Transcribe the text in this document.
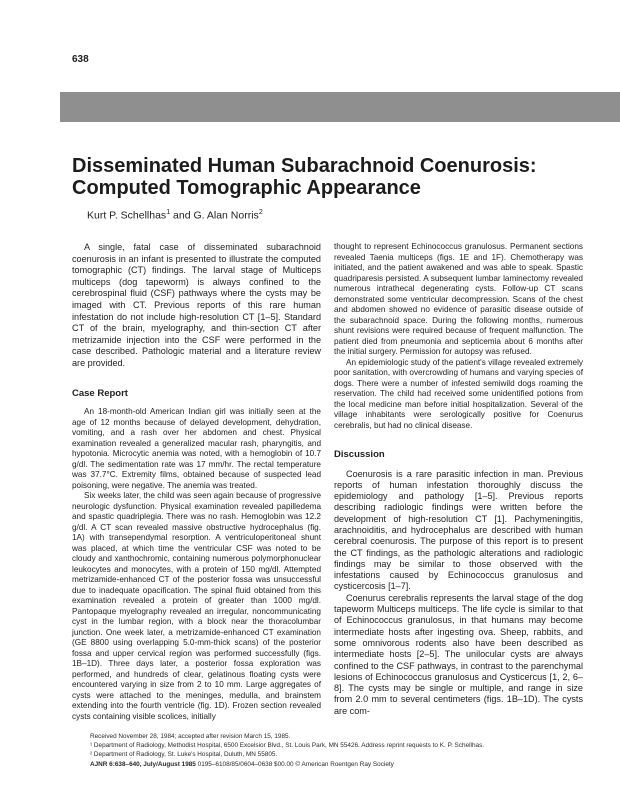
638
Disseminated Human Subarachnoid Coenurosis: Computed Tomographic Appearance
Kurt P. Schellhas$^1$ and G. Alan Norris$^2$

A single, fatal case of disseminated subarachnoid coenurosis in an infant is presented to illustrate the computed tomographic (CT) findings. The larval stage of Multiceps multiceps (dog tapeworm) is always confined to the cerebrospinal fluid (CSF) pathways where the cysts may be imaged with CT. Previous reports of this rare human infestation do not include high-resolution CT [1–5]. Standard CT of the brain, myelography, and thin-section CT after metrizamide injection into the CSF were performed in the case described. Pathologic material and a literature review are provided.

Case Report

An 18-month-old American Indian girl was initially seen at the age of 12 months because of delayed development, dehydration, vomiting, and a rash over her abdomen and chest. Physical examination revealed a generalized macular rash, pharyngitis, and hypotonia. Microcytic anemia was noted, with a hemoglobin of 10.7 g/dl. The sedimentation rate was 17 mm/hr. The rectal temperature was 37.7°C. Extremity films, obtained because of suspected lead poisoning, were negative. The anemia was treated.

Six weeks later, the child was seen again because of progressive neurologic dysfunction. Physical examination revealed papilledema and spastic quadriplegia. There was no rash. Hemoglobin was 12.2 g/dl. A CT scan revealed massive obstructive hydrocephalus (fig. 1A) with transependymal resorption. A ventriculoperitoneal shunt was placed, at which time the ventricular CSF was noted to be cloudy and xanthochromic, containing numerous polymorphonuclear leukocytes and monocytes, with a protein of 150 mg/dl. Attempted metrizamide-enhanced CT of the posterior fossa was unsuccessful due to inadequate opacification. The spinal fluid obtained from this examination revealed a protein of greater than 1000 mg/dl. Pantopaque myelography revealed an irregular, noncommunicating cyst in the lumbar region, with a block near the thoracolumbar junction. One week later, a metrizamide-enhanced CT examination (GE 8800 using overlapping 5.0-mm-thick scans) of the posterior fossa and upper cervical region was performed successfully (figs. 1B–1D). Three days later, a posterior fossa exploration was performed, and hundreds of clear, gelatinous floating cysts were encountered varying in size from 2 to 10 mm. Large aggregates of cysts were attached to the meninges, medulla, and brainstem extending into the fourth ventricle (fig. 1D). Frozen section revealed cysts containing visible scolices, initially

thought to represent Echinococcus granulosus. Permanent sections revealed Taenia multiceps (figs. 1E and 1F). Chemotherapy was initiated, and the patient awakened and was able to speak. Spastic quadriparesis persisted. A subsequent lumbar laminectomy revealed numerous intrathecal degenerating cysts. Follow-up CT scans demonstrated some ventricular decompression. Scans of the chest and abdomen showed no evidence of parasitic disease outside of the subarachnoid space. During the following months, numerous shunt revisions were required because of frequent malfunction. The patient died from pneumonia and septicemia about 6 months after the initial surgery. Permission for autopsy was refused.

An epidemiologic study of the patient's village revealed extremely poor sanitation, with overcrowding of humans and varying species of dogs. There were a number of infested semiwild dogs roaming the reservation. The child had received some unidentified potions from the local medicine man before initial hospitalization. Several of the village inhabitants were serologically positive for Coenurus cerebralis, but had no clinical disease.

Discussion

Coenurosis is a rare parasitic infection in man. Previous reports of human infestation thoroughly discuss the epidemiology and pathology [1–5]. Previous reports describing radiologic findings were written before the development of high-resolution CT [1]. Pachymeningitis, arachnoiditis, and hydrocephalus are described with human cerebral coenurosis. The purpose of this report is to present the CT findings, as the pathologic alterations and radiologic findings may be similar to those observed with the infestations caused by Echinococcus granulosus and cysticercosis [1–7].

Coenurus cerebralis represents the larval stage of the dog tapeworm Multiceps multiceps. The life cycle is similar to that of Echinococcus granulosus, in that humans may become intermediate hosts after ingesting ova. Sheep, rabbits, and some omnivorous rodents also have been described as intermediate hosts [2–5]. The unilocular cysts are always confined to the CSF pathways, in contrast to the parenchymal lesions of Echinococcus granulosus and Cysticercus [1, 2, 6–8]. The cysts may be single or multiple, and range in size from 2.0 mm to several centimeters (figs. 1B–1D). The cysts are com-

Received November 28, 1984; accepted after revision March 15, 1985.
¹ Department of Radiology, Methodist Hospital, 6500 Excelsior Blvd., St. Louis Park, MN 55426. Address reprint requests to K. P. Schellhas.
² Department of Radiology, St. Luke's Hospital, Duluth, MN 55805.
AJNR 6:638–640, July/August 1985 0195–6108/85/0604–0638 $00.00 © American Roentgen Ray Society
